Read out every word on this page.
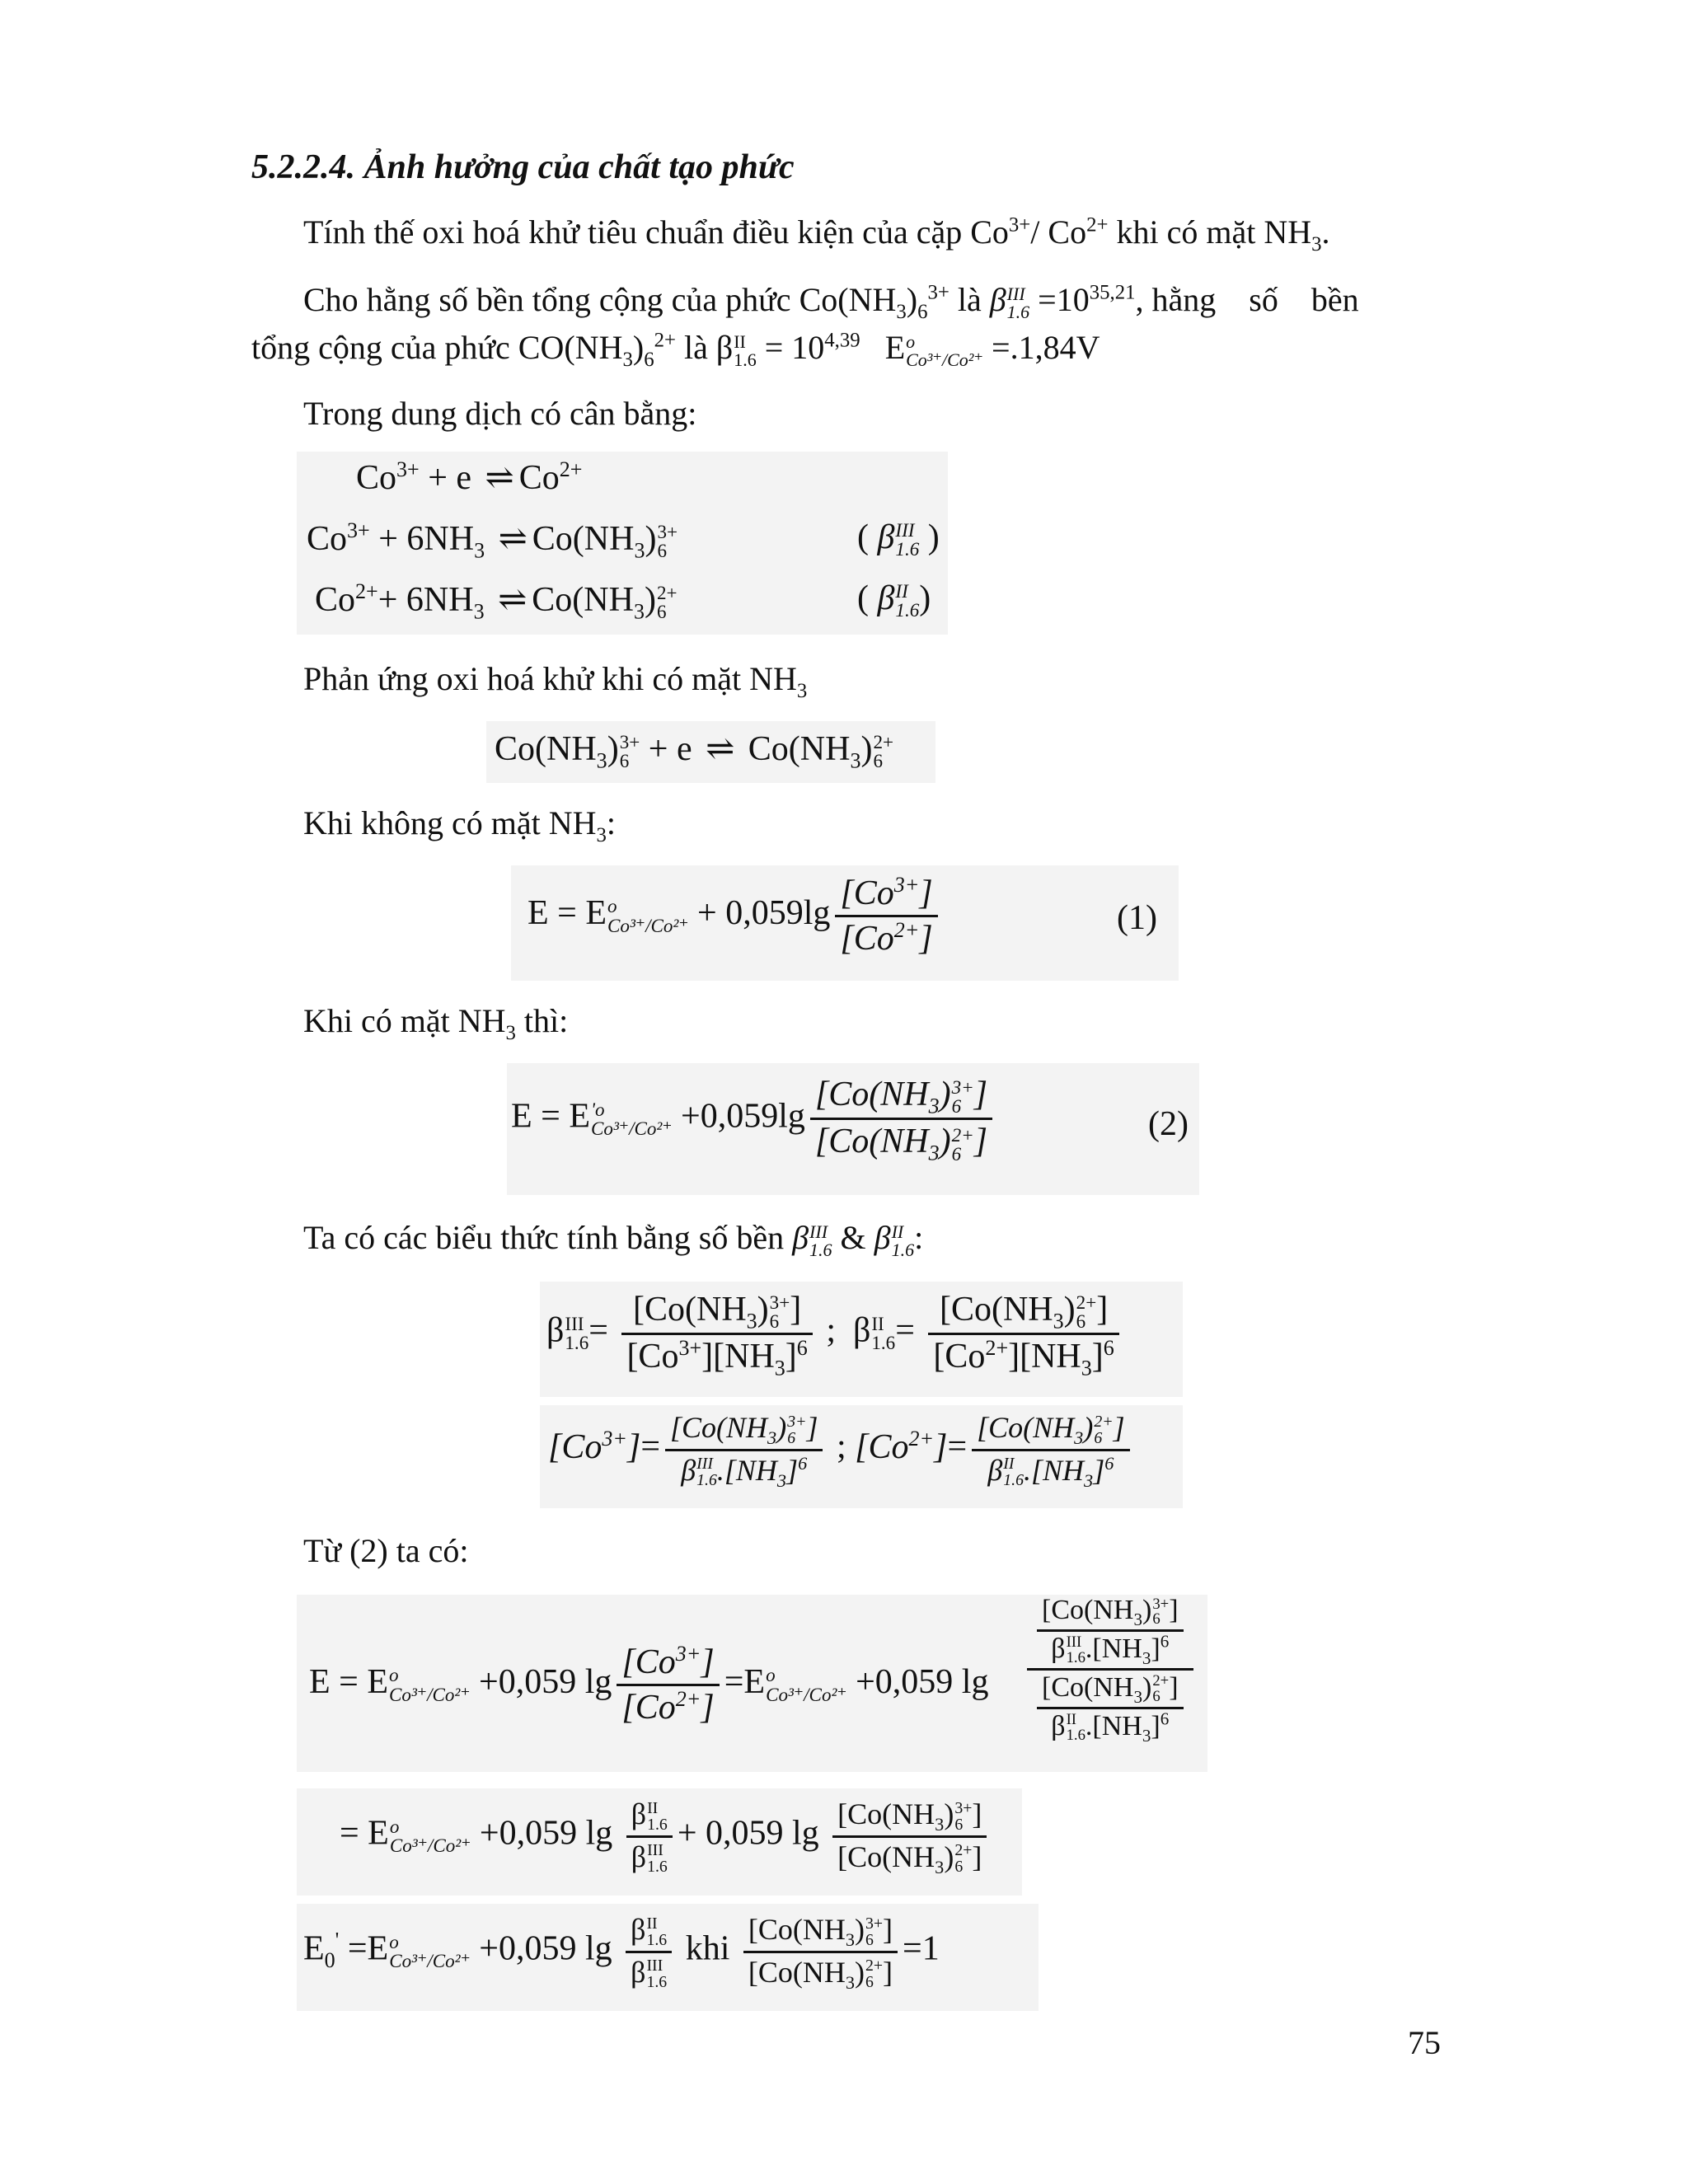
5.2.2.4. Ảnh hưởng của chất tạo phức
Tính thế oxi hoá khử tiêu chuẩn điều kiện của cặp $Co^{3+}/$ $Co^{2+}$ khi có mặt $NH_3$.
Cho hằng số bền tổng cộng của phức $Co(NH_3)_6^{3+}$ là β III
$1.6 =10^{35,21}$, hằng    số    bền
tổng cộng của phức $CO(NH_3)_6^{2+}$ là β II
$1.6 = 10^{4,39}$   E o
Co³⁺/Co²⁺ =.1,84V
Trong dung dịch có cân bằng:
$Co^{3+} + e$ ⇌ $Co^{2+}$
$Co^{3+} + 6NH_3$ ⇌ $Co(NH_3)$ 3+
6	( β III
1.6 )
$Co^{2+}+ 6NH_3$ ⇌ $Co(NH_3)$ 2+
6	( β II
1.6 )
Phản ứng oxi hoá khử khi có mặt $NH_3$
$Co(NH_3)$ 3+
6 + e ⇌ $Co(NH_3)$ 2+
6
Khi không có mặt $NH_3$:
E = E o
$Co^{3+}/Co^{2+} + 0,059\lg \frac{[Co^{3+}]}{[Co^{2+}]}$	(1)
Khi có mặt $NH_3$ thì:
E = E 'o
Co³⁺/Co²⁺ +0,059lg [$Co(NH_3)$ 3+
6 ]
[$Co(NH_3)$ 2+
6 ]	(2)
Ta có các biểu thức tính bằng số bền β III
1.6 & β II
1.6 :
β III
$1.6 = [Co(NH_3)$ 3+
6 ]
$[Co^{3+}][NH_3]^6$ ;  β II
$1.6 = [Co(NH_3)$ 2+
6 ]
$[Co^{2+}][NH_3]^6$
$[Co^{3+}]= [Co(NH_3)$ 3+
6 ]
β III
1.6 $.[NH_3]^6$ ; $[Co^{2+}]= [Co(NH_3)$ 2+
6 ]
β II
1.6 $.[NH_3]^6$
Từ (2) ta có:
E = E o
Co³⁺/Co²⁺ +0,059 $\lg \frac{[Co^{3+}]}{[Co^{2+}]} =E$ o
Co³⁺/Co²⁺ +0,059 $\lg [Co(NH_3)$ 3+
6 ]
β III
1.6 $.[NH_3]^6$
[$Co(NH_3)$ 2+
6 ]
β II
1.6 $.[NH_3]^6$
= E o
Co³⁺/Co²⁺ +0,059 lg β II
1.6
β III
1.6 + 0,059 $\lg [Co(NH_3)$ 3+
6 ]
[$Co(NH_3)$ 2+
6 ]
$E_0' =E$ o
Co³⁺/Co²⁺ +0,059 lg β II
1.6
β III
1.6 khi [$Co(NH_3)$ 3+
6 ]
[$Co(NH_3)$ 2+
6 ] =1
75
